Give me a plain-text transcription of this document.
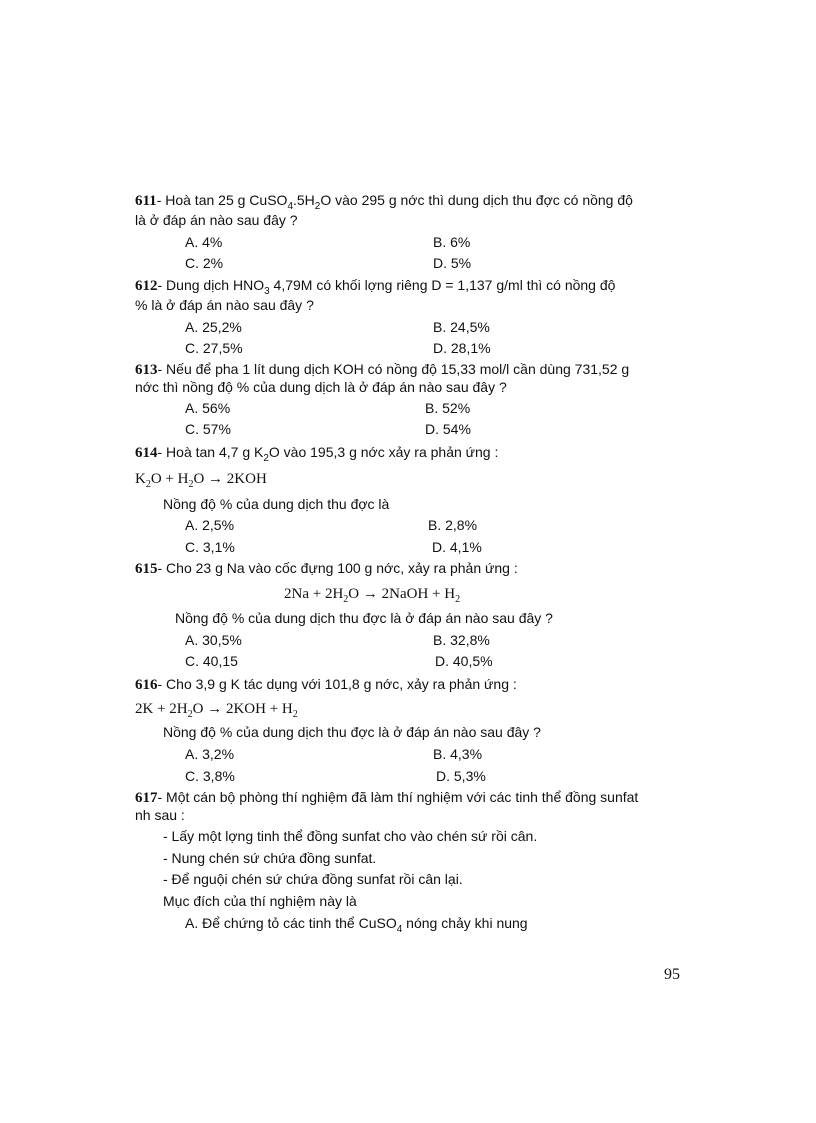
611- Hoà tan 25 g $CuSO_4.5H_2O$ vào 295 g nớc thì dung dịch thu đợc có nồng độ
là ở đáp án nào sau đây ?
A. 4%	B. 6%
C. 2%	D. 5%
612- Dung dịch $HNO_3$ 4,79M có khối lợng riêng D = 1,137 g/ml thì có nồng độ
% là ở đáp án nào sau đây ?
A. 25,2%	B. 24,5%
C. 27,5%	D. 28,1%
613- Nếu để pha 1 lít dung dịch KOH có nồng độ 15,33 mol/l cần dùng 731,52 g
nớc thì nồng độ % của dung dịch là ở đáp án nào sau đây ?
A. 56%	B. 52%
C. 57%	D. 54%
614- Hoà tan 4,7 g $K_2O$ vào 195,3 g nớc xảy ra phản ứng :
$K_2O + H_2O \to 2KOH$
Nồng độ % của dung dịch thu đợc là
A. 2,5%	B. 2,8%
C. 3,1%	D. 4,1%
615- Cho 23 g Na vào cốc đựng 100 g nớc, xảy ra phản ứng :
$2Na + 2H_2O$ → 2NaOH + $H_2$
Nồng độ % của dung dịch thu đợc là ở đáp án nào sau đây ?
A. 30,5%	B. 32,8%
C. 40,15	D. 40,5%
616- Cho 3,9 g K tác dụng với 101,8 g nớc, xảy ra phản ứng :
$2K + 2H_2O \to 2KOH + H_2$
Nồng độ % của dung dịch thu đợc là ở đáp án nào sau đây ?
A. 3,2%	B. 4,3%
C. 3,8%	D. 5,3%
617- Một cán bộ phòng thí nghiệm đã làm thí nghiệm với các tinh thể đồng sunfat
nh sau :
- Lấy một lợng tinh thể đồng sunfat cho vào chén sứ rồi cân.
- Nung chén sứ chứa đồng sunfat.
- Để nguội chén sứ chứa đồng sunfat rồi cân lại.
Mục đích của thí nghiệm này là
A. Để chứng tỏ các tinh thể CuSO$_4$ nóng chảy khi nung
95
